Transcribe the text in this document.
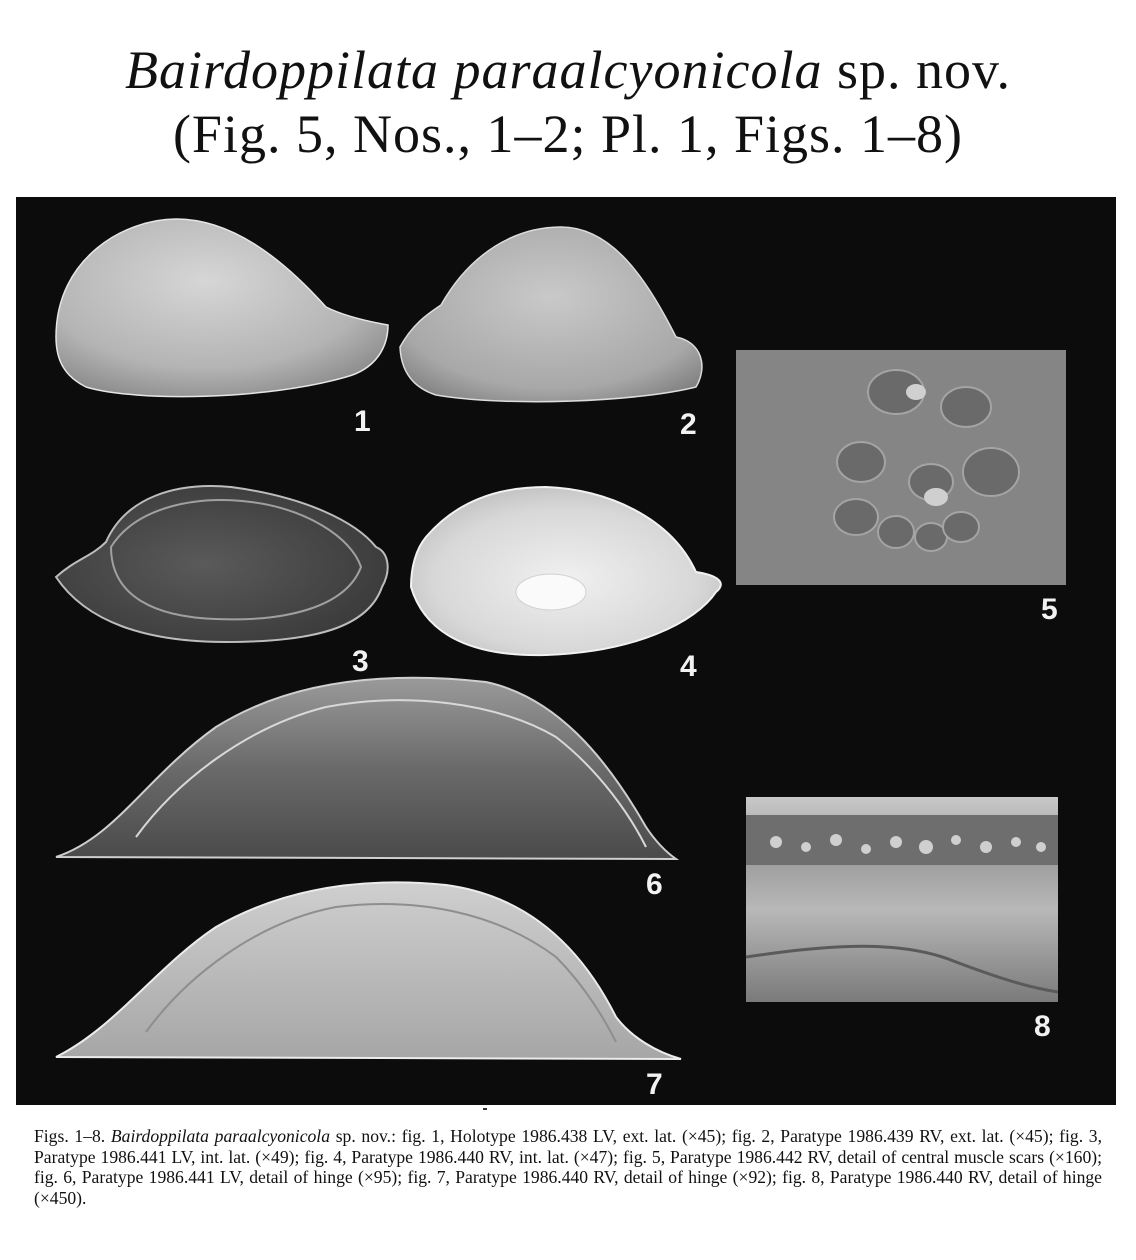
Bairdoppilata paraalcyonicola sp. nov.
(Fig. 5, Nos., 1–2; Pl. 1, Figs. 1–8)
1	2
3	4
5
6
7
8
Figs. 1–8. Bairdoppilata paraalcyonicola sp. nov.: fig. 1, Holotype 1986.438 LV, ext. lat. (×45); fig. 2, Paratype 1986.439 RV, ext. lat. (×45); fig. 3, Paratype 1986.441 LV, int. lat. (×49); fig. 4, Paratype 1986.440 RV, int. lat. (×47); fig. 5, Paratype 1986.442 RV, detail of central muscle scars (×160); fig. 6, Paratype 1986.441 LV, detail of hinge (×95); fig. 7, Paratype 1986.440 RV, detail of hinge (×92); fig. 8, Paratype 1986.440 RV, detail of hinge (×450).
